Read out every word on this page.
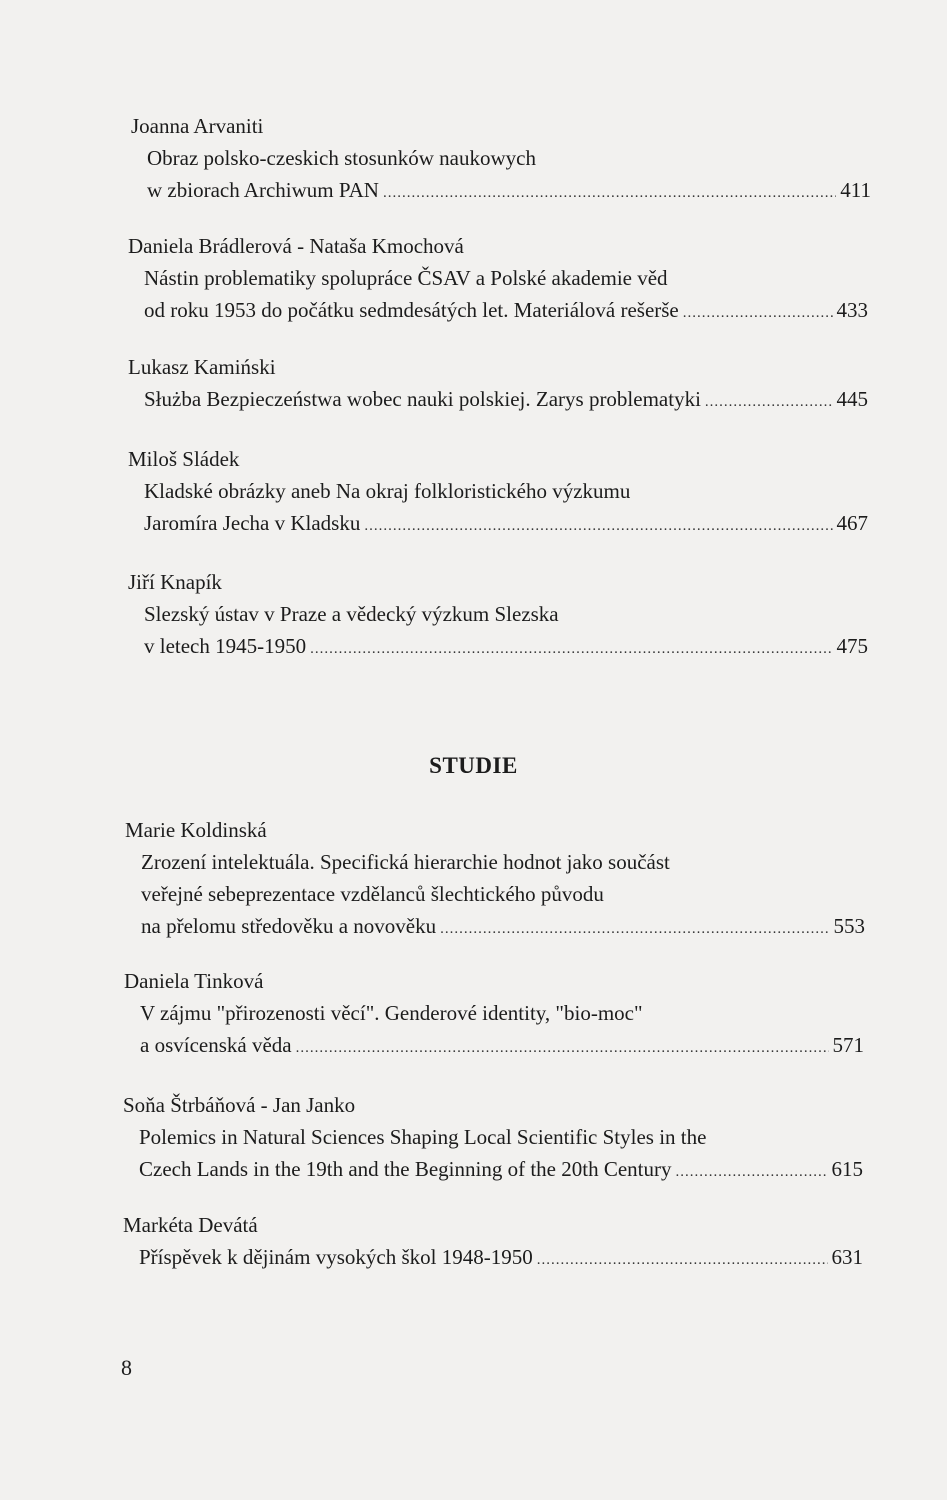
Joanna Arvaniti
Obraz polsko-czeskich stosunków naukowych
w zbiorach Archiwum PAN .....	411
Daniela Brádlerová - Nataša Kmochová
Nástin problematiky spolupráce ČSAV a Polské akademie věd
od roku 1953 do počátku sedmdesátých let. Materiálová rešerše .....	433
Lukasz Kamiński
Służba Bezpieczeństwa wobec nauki polskiej. Zarys problematyki .....	445
Miloš Sládek
Kladské obrázky aneb Na okraj folkloristického výzkumu
Jaromíra Jecha v Kladsku .....	467
Jiří Knapík
Slezský ústav v Praze a vědecký výzkum Slezska
v letech 1945-1950 .....	475
STUDIE
Marie Koldinská
Zrození intelektuála. Specifická hierarchie hodnot jako součást
veřejné sebeprezentace vzdělanců šlechtického původu
na přelomu středověku a novověku .....	553
Daniela Tinková
V zájmu "přirozenosti věcí". Genderové identity, "bio-moc"
a osvícenská věda .....	571
Soňa Štrbáňová - Jan Janko
Polemics in Natural Sciences Shaping Local Scientific Styles in the
Czech Lands in the 19th and the Beginning of the 20th Century .....	615
Markéta Devátá
Příspěvek k dějinám vysokých škol 1948-1950 .....	631
8
